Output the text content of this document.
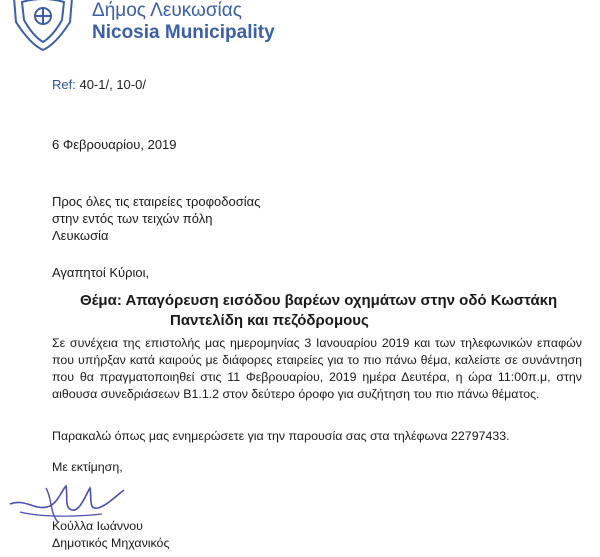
Δήμος Λευκωσίας
Nicosia Municipality
Ref: 40-1/, 10-0/
6 Φεβρουαρίου, 2019
Προς όλες τις εταιρείες τροφοδοσίας
στην εντός των τειχών πόλη
Λευκωσία
Αγαπητοί Κύριοι,
Θέμα: Απαγόρευση εισόδου βαρέων οχημάτων στην οδό Κωστάκη
Παντελίδη και πεζόδρομους

Σε συνέχεια της επιστολής μας ημερομηνίας 3 Ιανουαρίου 2019 και των τηλεφωνικών επαφών που υπήρξαν κατά καιρούς με διάφορες εταιρείες για το πιο πάνω θέμα, καλείστε σε συνάντηση που θα πραγματοποιηθεί στις 11 Φεβρουαρίου, 2019 ημέρα Δευτέρα, η ώρα 11:00π.μ, στην αιθουσα συνεδριάσεων Β1.1.2 στον δεύτερο όροφο για συζήτηση του πιο πάνω θέματος.

Παρακαλώ όπως μας ενημερώσετε για την παρουσία σας στα τηλέφωνα 22797433.
Με εκτίμηση,
Κούλλα Ιωάννου
Δημοτικός Μηχανικός
